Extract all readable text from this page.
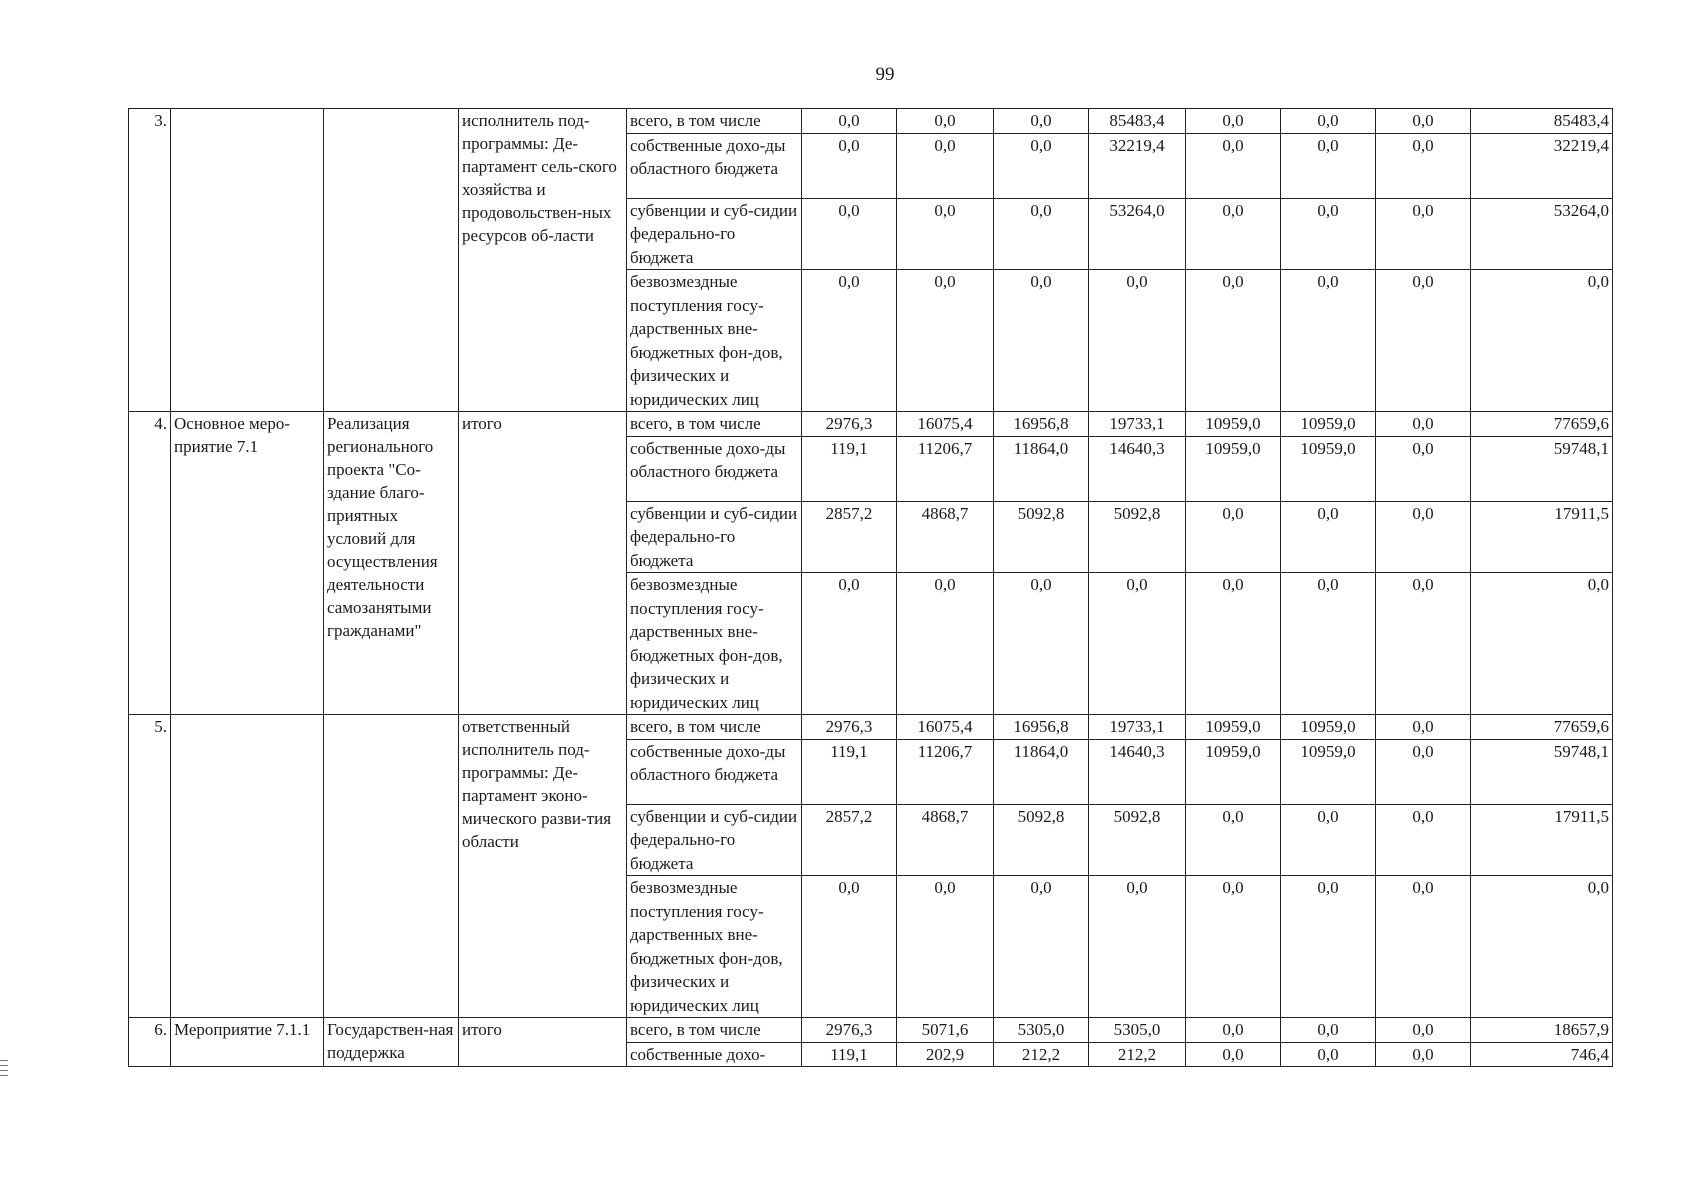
99
3.			исполнитель под-программы: Де-партамент сель-ского хозяйства и продовольствен-ных ресурсов об-ласти	всего, в том числе	0,0	0,0	0,0	85483,4	0,0	0,0	0,0	85483,4
				собственные дохо-ды областного бюджета	0,0	0,0	0,0	32219,4	0,0	0,0	0,0	32219,4
				субвенции и суб-сидии федерально-го бюджета	0,0	0,0	0,0	53264,0	0,0	0,0	0,0	53264,0
				безвозмездные поступления госу-дарственных вне-бюджетных фон-дов, физических и юридических лиц	0,0	0,0	0,0	0,0	0,0	0,0	0,0	0,0
4.	Основное меро-приятие 7.1	Реализация регионального проекта "Со-здание благо-приятных условий для осуществления деятельности самозанятыми гражданами"	итого	всего, в том числе	2976,3	16075,4	16956,8	19733,1	10959,0	10959,0	0,0	77659,6
				собственные дохо-ды областного бюджета	119,1	11206,7	11864,0	14640,3	10959,0	10959,0	0,0	59748,1
				субвенции и суб-сидии федерально-го бюджета	2857,2	4868,7	5092,8	5092,8	0,0	0,0	0,0	17911,5
				безвозмездные поступления госу-дарственных вне-бюджетных фон-дов, физических и юридических лиц	0,0	0,0	0,0	0,0	0,0	0,0	0,0	0,0
5.			ответственный исполнитель под-программы: Де-партамент эконо-мического разви-тия области	всего, в том числе	2976,3	16075,4	16956,8	19733,1	10959,0	10959,0	0,0	77659,6
				собственные дохо-ды областного бюджета	119,1	11206,7	11864,0	14640,3	10959,0	10959,0	0,0	59748,1
				субвенции и суб-сидии федерально-го бюджета	2857,2	4868,7	5092,8	5092,8	0,0	0,0	0,0	17911,5
				безвозмездные поступления госу-дарственных вне-бюджетных фон-дов, физических и юридических лиц	0,0	0,0	0,0	0,0	0,0	0,0	0,0	0,0
6.	Мероприятие 7.1.1	Государствен-ная поддержка	итого	всего, в том числе	2976,3	5071,6	5305,0	5305,0	0,0	0,0	0,0	18657,9
				собственные дохо-	119,1	202,9	212,2	212,2	0,0	0,0	0,0	746,4
